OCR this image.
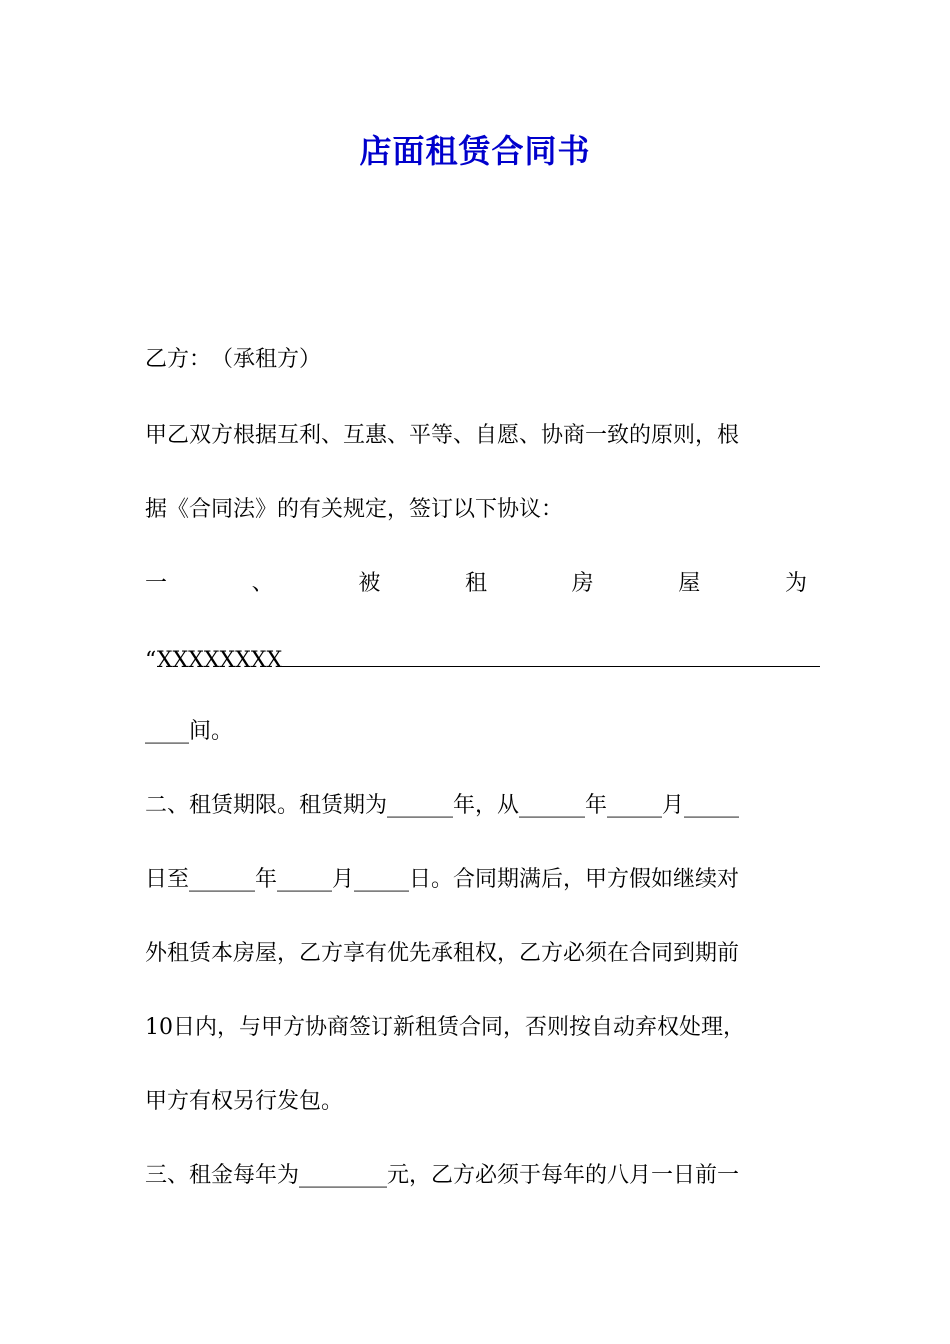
店面租赁合同书
乙方：　（承租方）
甲乙双方根据互利、互惠、平等、自愿、协商一致的原则，根
据《合同法》的有关规定，签订以下协议：
一	、	被	租	房	屋	为
“XXXXXXXX
____间。
二、租赁期限。租赁期为______年，从______年_____月_____
日至______年_____月_____日。合同期满后，甲方假如继续对
外租赁本房屋，乙方享有优先承租权，乙方必须在合同到期前
10日内，与甲方协商签订新租赁合同，否则按自动弃权处理，
甲方有权另行发包。
三、租金每年为________元，乙方必须于每年的八月一日前一
